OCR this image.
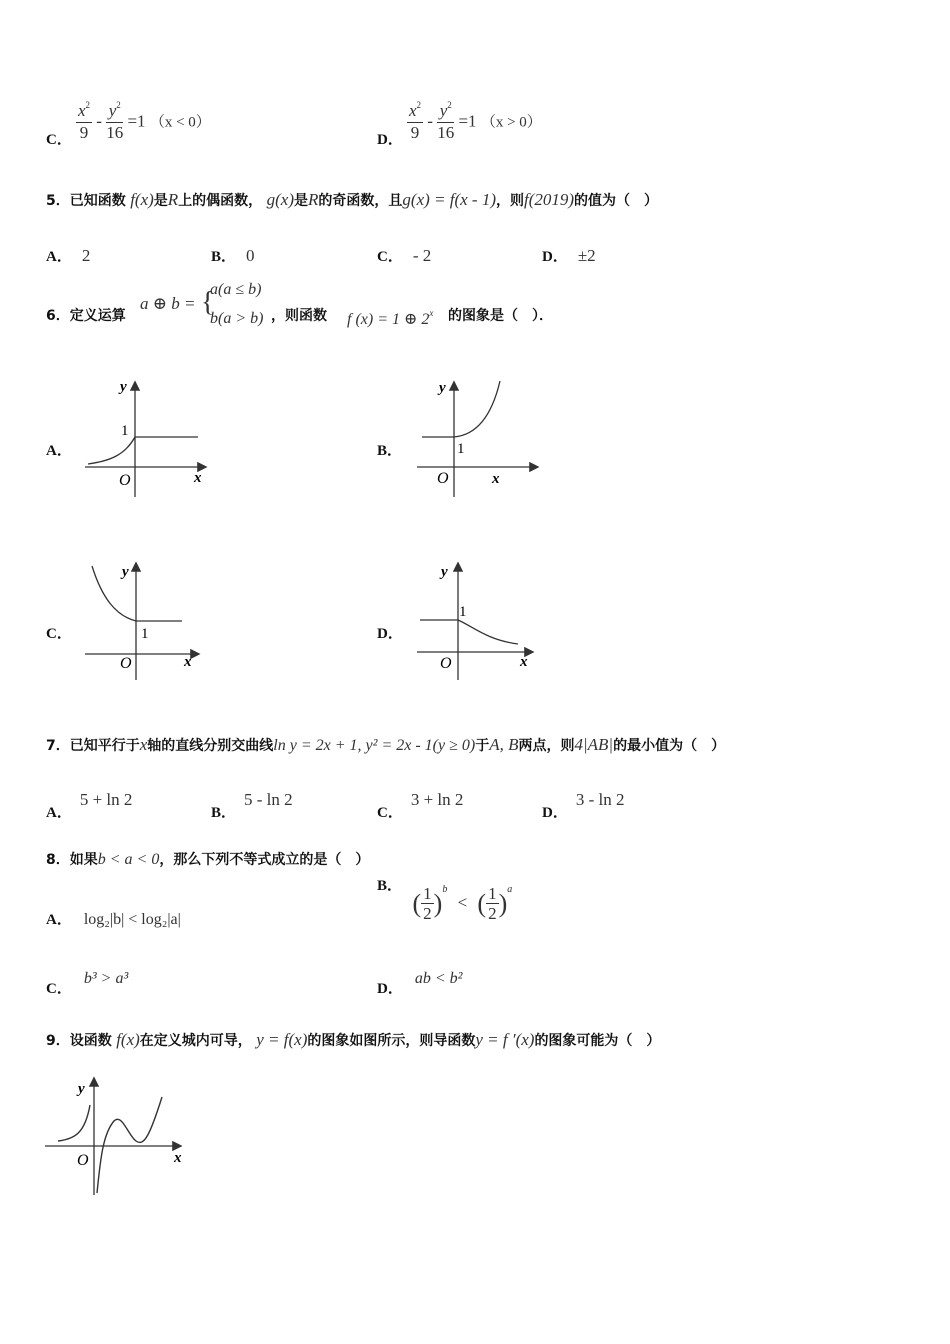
C． $\frac{x^2}{9} - \frac{y^2}{16} =1$ （x < 0）
D． $\frac{x^2}{9} - \frac{y^2}{16} =1$ （x > 0）
5．已知函数 f(x)是R上的偶函数， g(x)是R的奇函数，且g(x) = f(x - 1)，则f(2019)的值为（　）
A． 2	B． 0	C． - 2	D． ±2
6．定义运算
a ⊕ b = {
a(a ≤ b)
b(a > b) ，则函数 f (x) = 1 ⊕ 2$^x$ 的图象是（　）．
A．
y
1
O	x
B．
y
1
O	x
C．
y
1
O	x
D．
y
1
O	x
7．已知平行于x轴的直线分别交曲线ln y = 2x + 1, y² = 2x - 1(y ≥ 0)于A, B两点，则4|AB|的最小值为（　）
A．5 + ln 2
B．5 - ln 2
C．3 + ln 2
D．3 - ln 2
8．如果b < a < 0，那么下列不等式成立的是（　）
A． log₂|b| < log₂|a|
B． ( $\frac{1}{2} )^b$ < ( $\frac{1}{2} )^a$
C．b³ > a³
D．ab < b²
9．设函数 f(x)在定义城内可导， y = f(x)的图象如图所示，则导函数y = f ′(x)的图象可能为（　）
y
O	x
